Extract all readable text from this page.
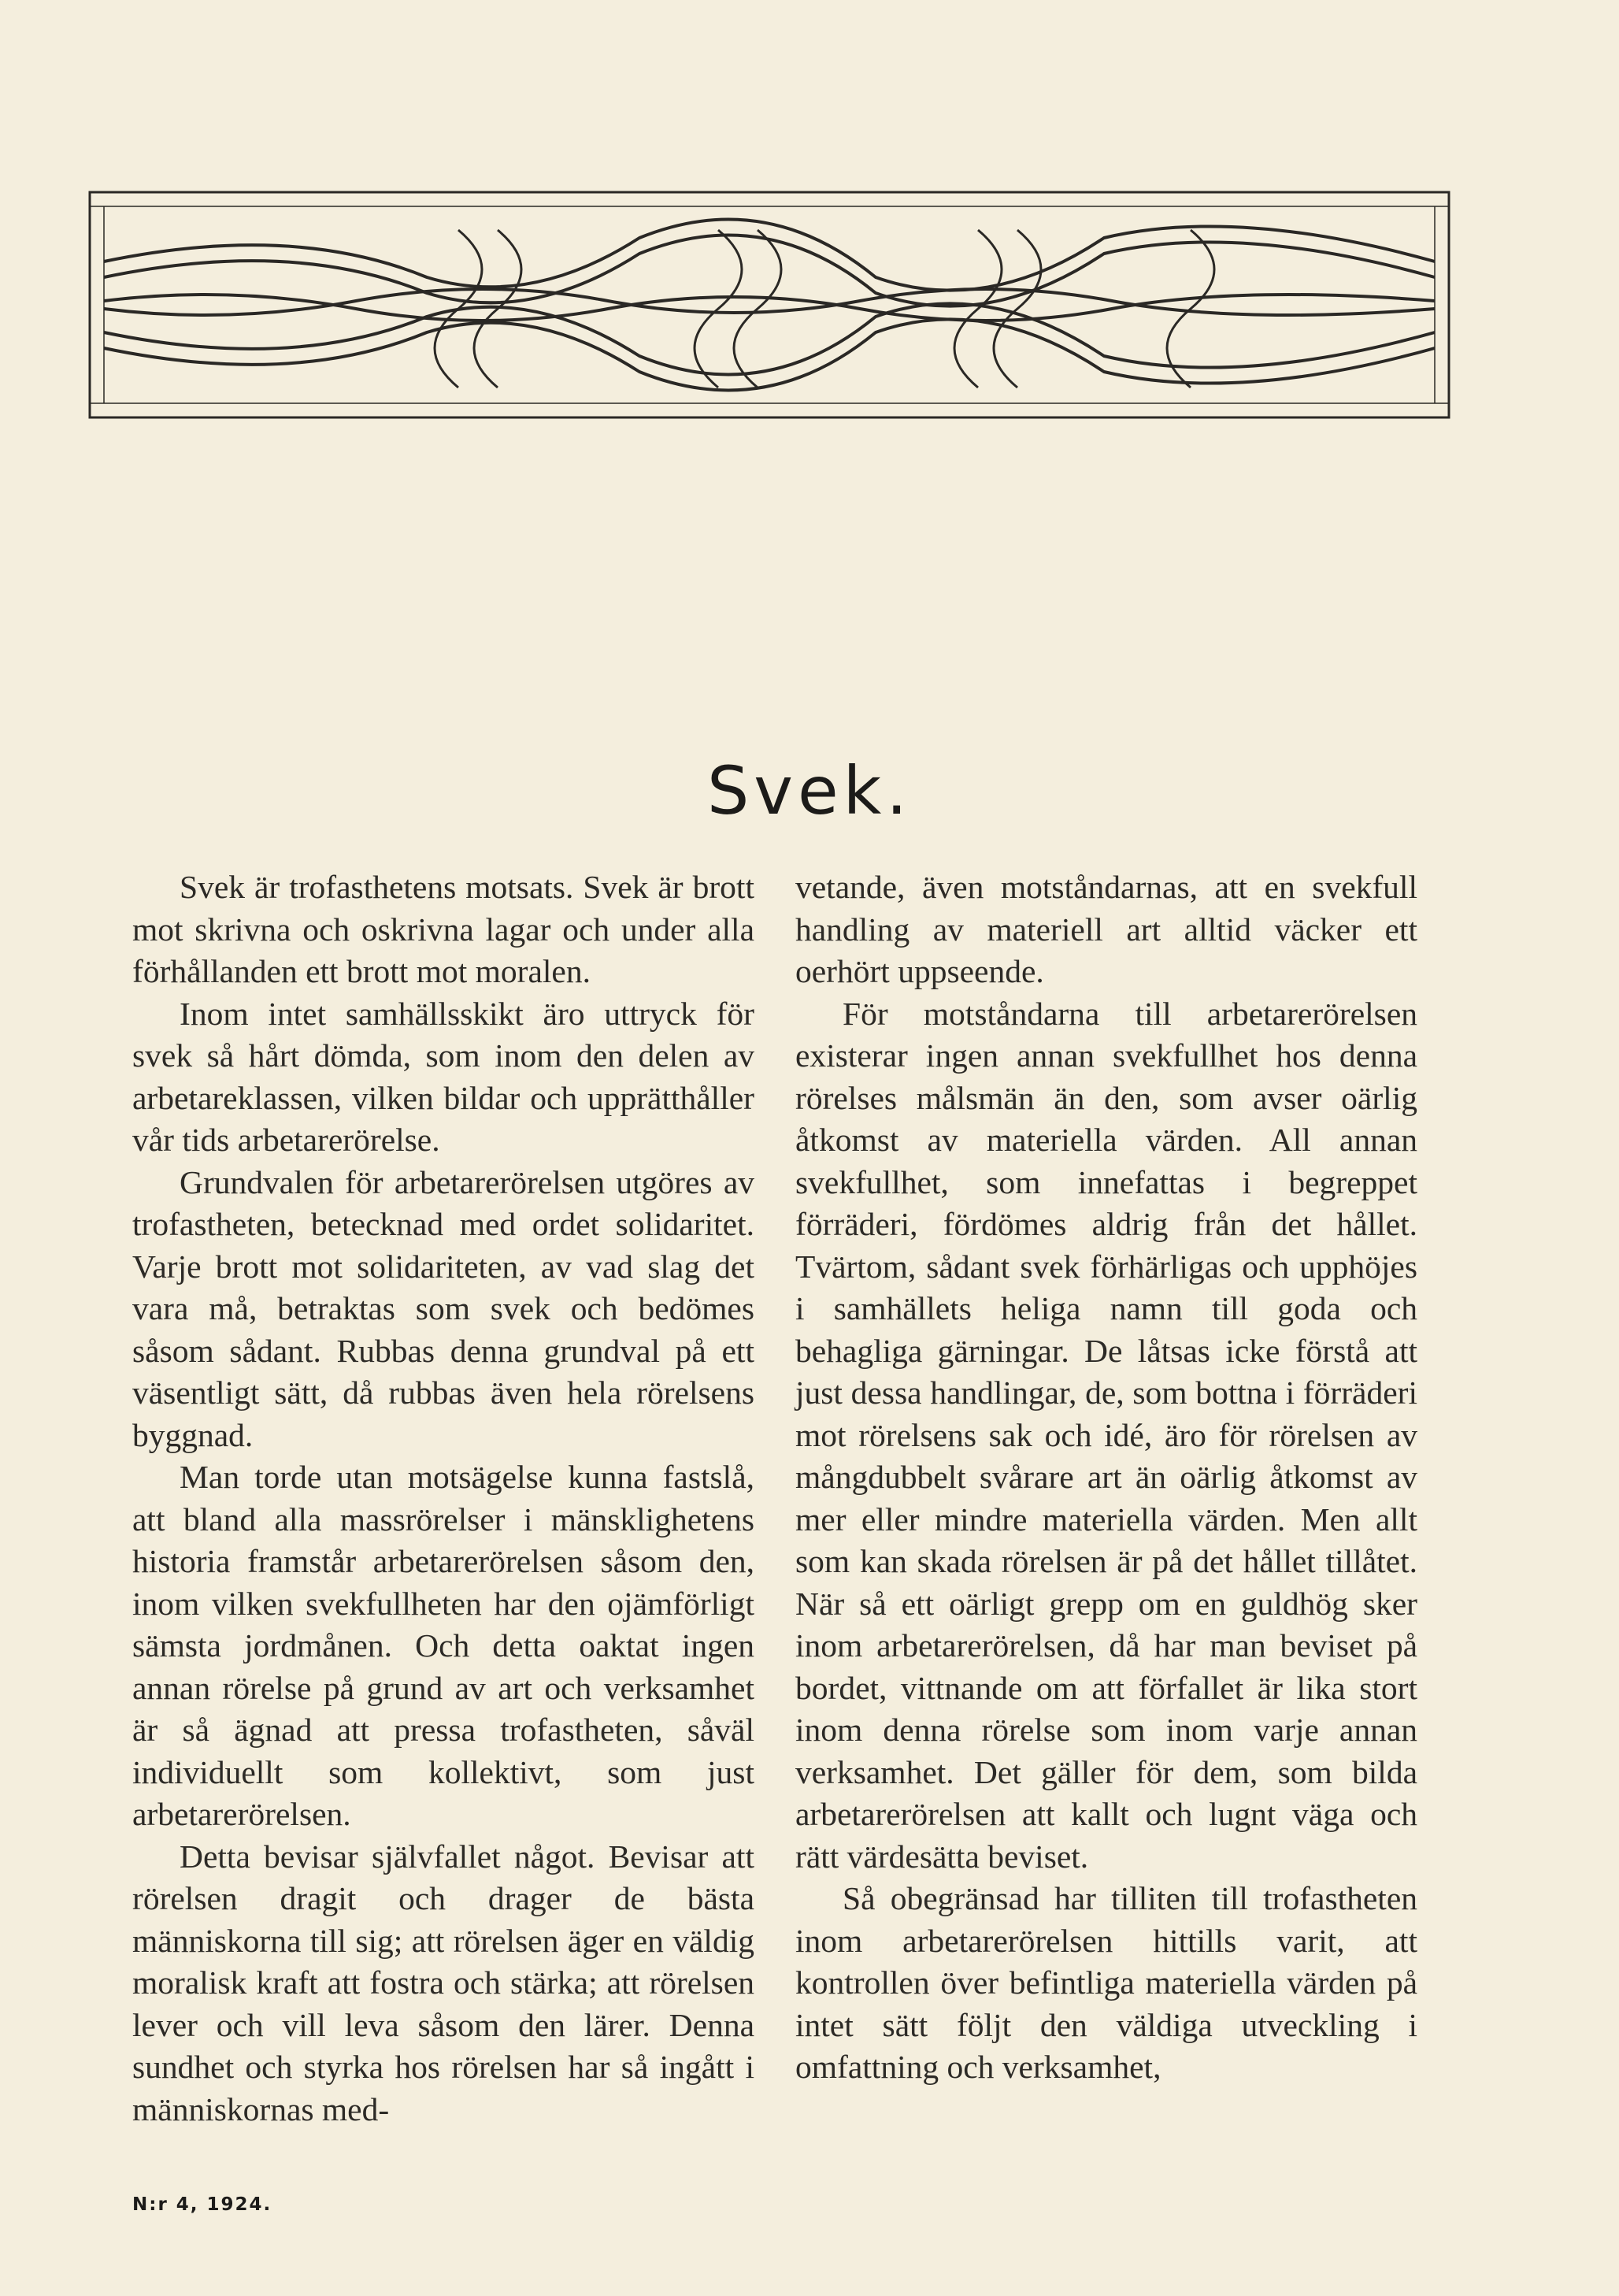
Svek.

Svek är trofasthetens motsats. Svek är brott mot skrivna och oskrivna lagar och under alla förhållanden ett brott mot moralen.

Inom intet samhällsskikt äro uttryck för svek så hårt dömda, som inom den delen av arbetareklassen, vilken bildar och upprätthåller vår tids arbetarerörelse.

Grundvalen för arbetarerörelsen utgöres av trofastheten, betecknad med ordet solidaritet. Varje brott mot solidariteten, av vad slag det vara må, betraktas som svek och bedömes såsom sådant. Rubbas denna grundval på ett väsentligt sätt, då rubbas även hela rörelsens byggnad.

Man torde utan motsägelse kunna fastslå, att bland alla massrörelser i mänsklighetens historia framstår arbetarerörelsen såsom den, inom vilken svekfullheten har den ojämförligt sämsta jordmånen. Och detta oaktat ingen annan rörelse på grund av art och verksamhet är så ägnad att pressa trofastheten, såväl individuellt som kollektivt, som just arbetarerörelsen.

Detta bevisar självfallet något. Bevisar att rörelsen dragit och drager de bästa människorna till sig; att rörelsen äger en väldig moralisk kraft att fostra och stärka; att rörelsen lever och vill leva såsom den lärer. Denna sundhet och styrka hos rörelsen har så ingått i människornas med-

vetande, även motståndarnas, att en svekfull handling av materiell art alltid väcker ett oerhört uppseende.

För motståndarna till arbetarerörelsen existerar ingen annan svekfullhet hos denna rörelses målsmän än den, som avser oärlig åtkomst av materiella värden. All annan svekfullhet, som innefattas i begreppet förräderi, fördömes aldrig från det hållet. Tvärtom, sådant svek förhärligas och upphöjes i samhällets heliga namn till goda och behagliga gärningar. De låtsas icke förstå att just dessa handlingar, de, som bottna i förräderi mot rörelsens sak och idé, äro för rörelsen av mångdubbelt svårare art än oärlig åtkomst av mer eller mindre materiella värden. Men allt som kan skada rörelsen är på det hållet tillåtet. När så ett oärligt grepp om en guldhög sker inom arbetarerörelsen, då har man beviset på bordet, vittnande om att förfallet är lika stort inom denna rörelse som inom varje annan verksamhet. Det gäller för dem, som bilda arbetarerörelsen att kallt och lugnt väga och rätt värdesätta beviset.

Så obegränsad har tilliten till trofastheten inom arbetarerörelsen hittills varit, att kontrollen över befintliga materiella värden på intet sätt följt den väldiga utveckling i omfattning och verksamhet,

N:r 4, 1924.
